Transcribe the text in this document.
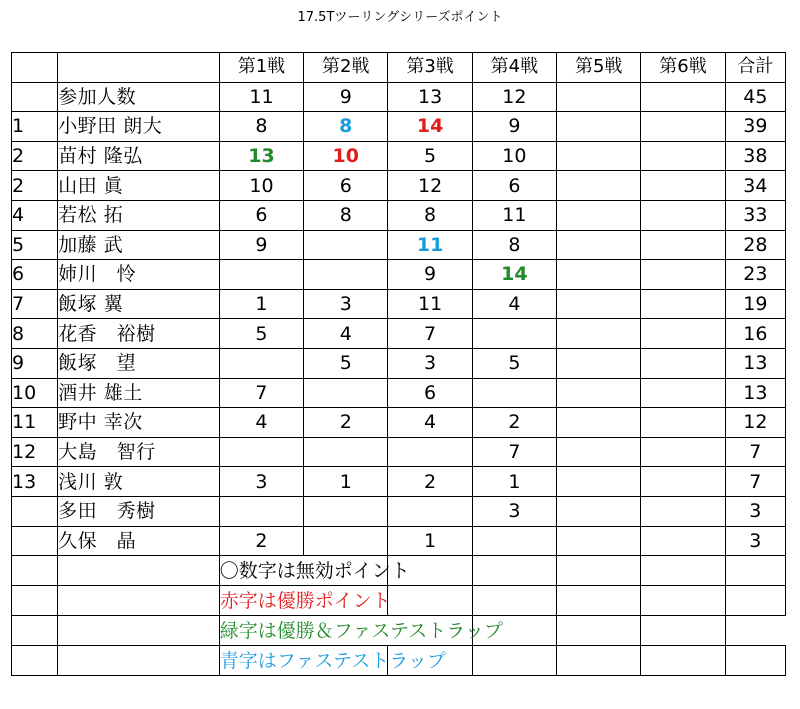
17.5Tツーリングシリーズポイント
		第1戦	第2戦	第3戦	第4戦	第5戦	第6戦	合計
	参加人数	11	9	13	12			45
1	小野田 朗大	8	8	14	9			39
2	苗村 隆弘	13	10	5	10			38
2	山田 眞	10	6	12	6			34
4	若松 拓	6	8	8	11			33
5	加藤 武	9		11	8			28
6	姉川　怜			9	14			23
7	飯塚 翼	1	3	11	4			19
8	花香　裕樹	5	4	7				16
9	飯塚　望		5	3	5			13
10	酒井 雄土	7		6				13
11	野中 幸次	4	2	4	2			12
12	大島　智行				7			7
13	浅川 敦	3	1	2	1			7
	多田　秀樹				3			3
	久保　晶	2		1				3
		〇数字は無効ポイント						
		赤字は優勝ポイント						
		緑字は優勝＆ファステストラップ						
		青字はファステストラップ						
